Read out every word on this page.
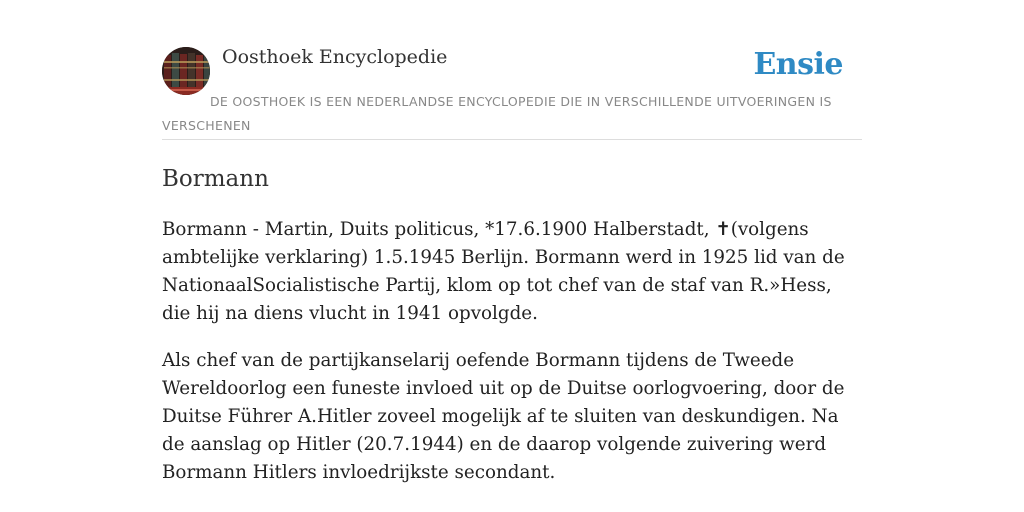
Oosthoek Encyclopedie	Ensie
DE OOSTHOEK IS EEN NEDERLANDSE ENCYCLOPEDIE DIE IN VERSCHILLENDE UITVOERINGEN IS VERSCHENEN
Bormann

Bormann - Martin, Duits politicus, *17.6.1900 Halberstadt, ✝(volgens ambtelijke verklaring) 1.5.1945 Berlijn. Bormann werd in 1925 lid van de NationaalSocialistische Partij, klom op tot chef van de staf van R.»Hess, die hij na diens vlucht in 1941 opvolgde.

Als chef van de partijkanselarij oefende Bormann tijdens de Tweede Wereldoorlog een funeste invloed uit op de Duitse oorlogvoering, door de Duitse Führer A.Hitler zoveel mogelijk af te sluiten van deskundigen. Na de aanslag op Hitler (20.7.1944) en de daarop volgende zuivering werd Bormann Hitlers invloedrijkste secondant.
